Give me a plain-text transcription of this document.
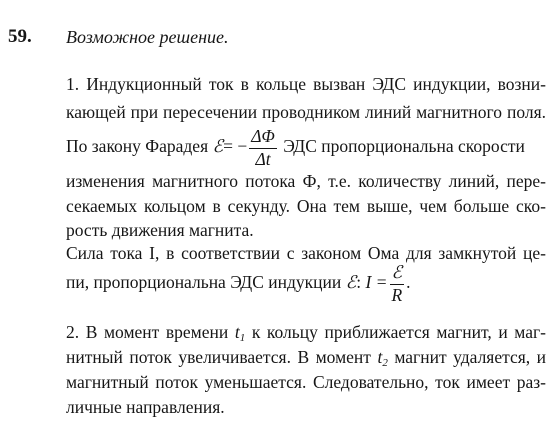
59. Возможное решение.
1. Индукционный ток в кольце вызван ЭДС индукции, возни-
кающей при пересечении проводником линий магнитного поля.
По закону Фарадея ℰ= − $\frac{\Delta\Phi}{\Delta t}$ ЭДС пропорциональна скорости
изменения магнитного потока Ф, т.е. количеству линий, пере-
секаемых кольцом в секунду. Она тем выше, чем больше ско-
рость движения магнита.
Сила тока I, в соответствии с законом Ома для замкнутой це-
пи, пропорциональна ЭДС индукции ℰ: $I = \frac{\text{ℰ}}{R}$ .
2. В момент времени $t_1$ к кольцу приближается магнит, и маг-
нитный поток увеличивается. В момент $t_2$ магнит удаляется, и
магнитный поток уменьшается. Следовательно, ток имеет раз-
личные направления.
